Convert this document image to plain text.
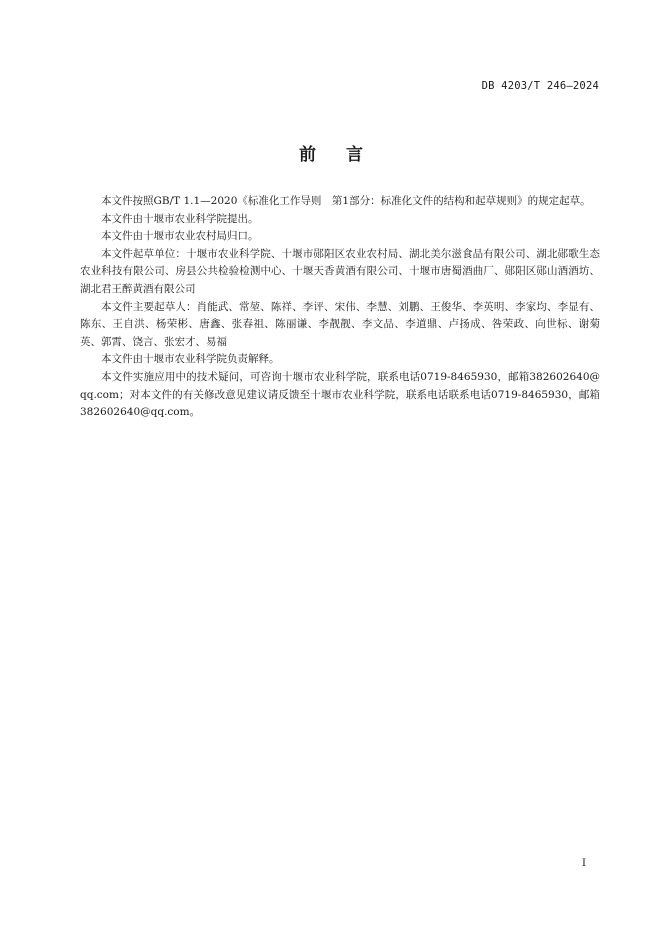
DB 4203/T 246—2024
前言

本文件按照GB/T 1.1—2020《标准化工作导则　第1部分：标准化文件的结构和起草规则》的规定起草。

本文件由十堰市农业科学院提出。

本文件由十堰市农业农村局归口。

本文件起草单位：十堰市农业科学院、十堰市郧阳区农业农村局、湖北美尔滋食品有限公司、湖北郧歌生态农业科技有限公司、房县公共检验检测中心、十堰天香黄酒有限公司、十堰市唐蜀酒曲厂、郧阳区郧山酒酒坊、湖北君王醉黄酒有限公司

本文件主要起草人：肖能武、常堃、陈祥、李评、宋伟、李慧、刘鹏、王俊华、李英明、李家均、李显有、陈东、王自洪、杨荣彬、唐鑫、张春祖、陈丽谦、李靓靓、李文品、李道鼎、卢扬成、咎荣政、向世标、谢菊英、郭霄、饶言、张宏才、易福

本文件由十堰市农业科学院负责解释。

本文件实施应用中的技术疑问，可咨询十堰市农业科学院，联系电话0719-8465930，邮箱382602640@qq.com；对本文件的有关修改意见建议请反馈至十堰市农业科学院，联系电话联系电话0719-8465930，邮箱382602640@qq.com。

I
